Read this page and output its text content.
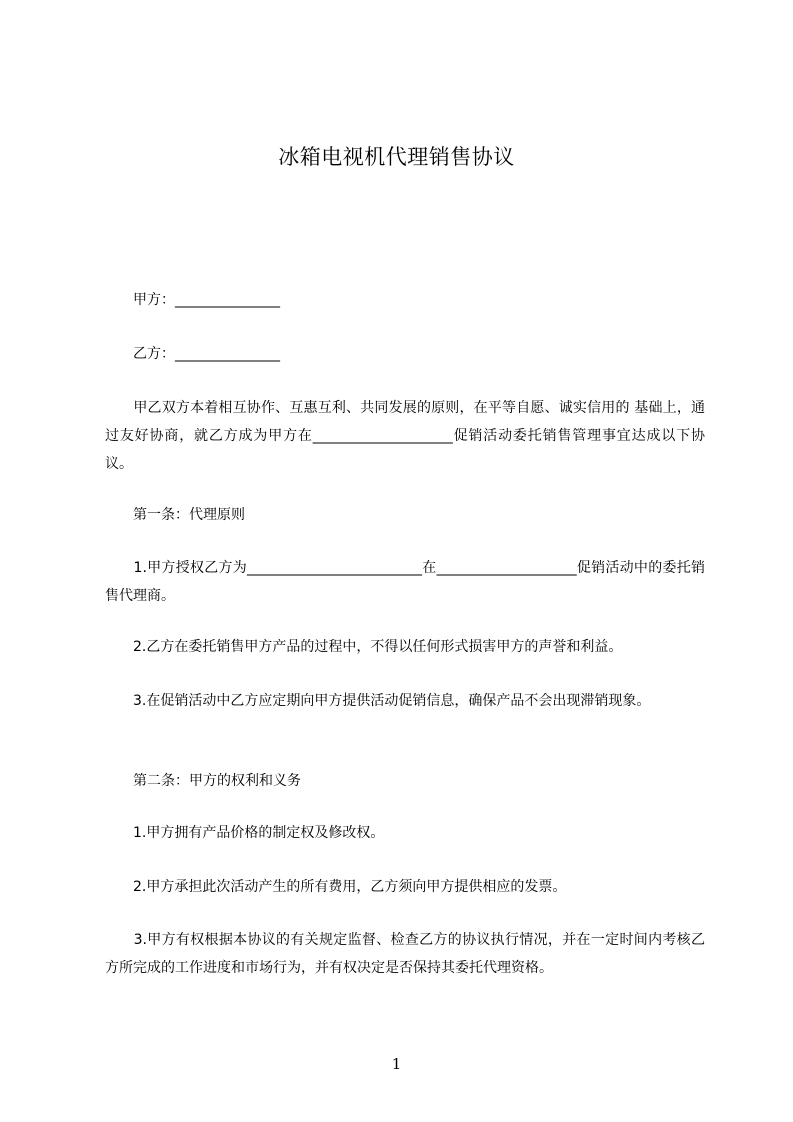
冰箱电视机代理销售协议
　　甲方：_______________
　　乙方：_______________
　　甲乙双方本着相互协作、互惠互利、共同发展的原则，在平等自愿、诚实信用的 基础上，通过友好协商，就乙方成为甲方在____________________促销活动委托销售管理事宜达成以下协议。
　　第一条：代理原则
　　1.甲方授权乙方为_________________________在____________________促销活动中的委托销售代理商。
　　2.乙方在委托销售甲方产品的过程中，不得以任何形式损害甲方的声誉和利益。
　　3.在促销活动中乙方应定期向甲方提供活动促销信息，确保产品不会出现滞销现象。
　　第二条：甲方的权利和义务
　　1.甲方拥有产品价格的制定权及修改权。
　　2.甲方承担此次活动产生的所有费用，乙方须向甲方提供相应的发票。
　　3.甲方有权根据本协议的有关规定监督、检查乙方的协议执行情况，并在一定时间内考核乙方所完成的工作进度和市场行为，并有权决定是否保持其委托代理资格。
1
